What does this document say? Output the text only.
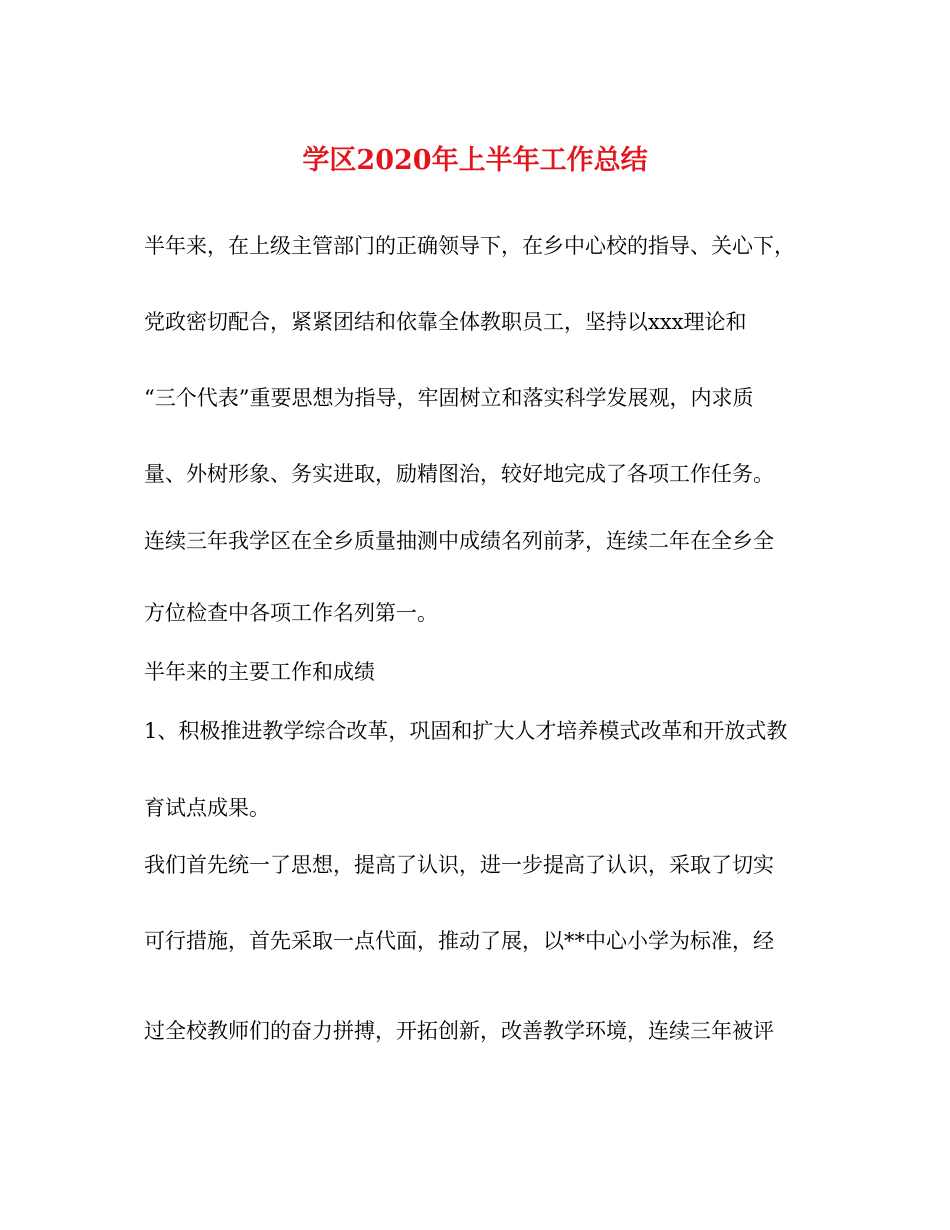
学区2020年上半年工作总结
半年来，在上级主管部门的正确领导下，在乡中心校的指导、关心下，
党政密切配合，紧紧团结和依靠全体教职员工，坚持以xxx理论和
“三个代表”重要思想为指导，牢固树立和落实科学发展观，内求质
量、外树形象、务实进取，励精图治，较好地完成了各项工作任务。
连续三年我学区在全乡质量抽测中成绩名列前茅，连续二年在全乡全
方位检查中各项工作名列第一。
半年来的主要工作和成绩
1、积极推进教学综合改革，巩固和扩大人才培养模式改革和开放式教
育试点成果。
我们首先统一了思想，提高了认识，进一步提高了认识，采取了切实
可行措施，首先采取一点代面，推动了展，以**中心小学为标准，经
过全校教师们的奋力拼搏，开拓创新，改善教学环境，连续三年被评
